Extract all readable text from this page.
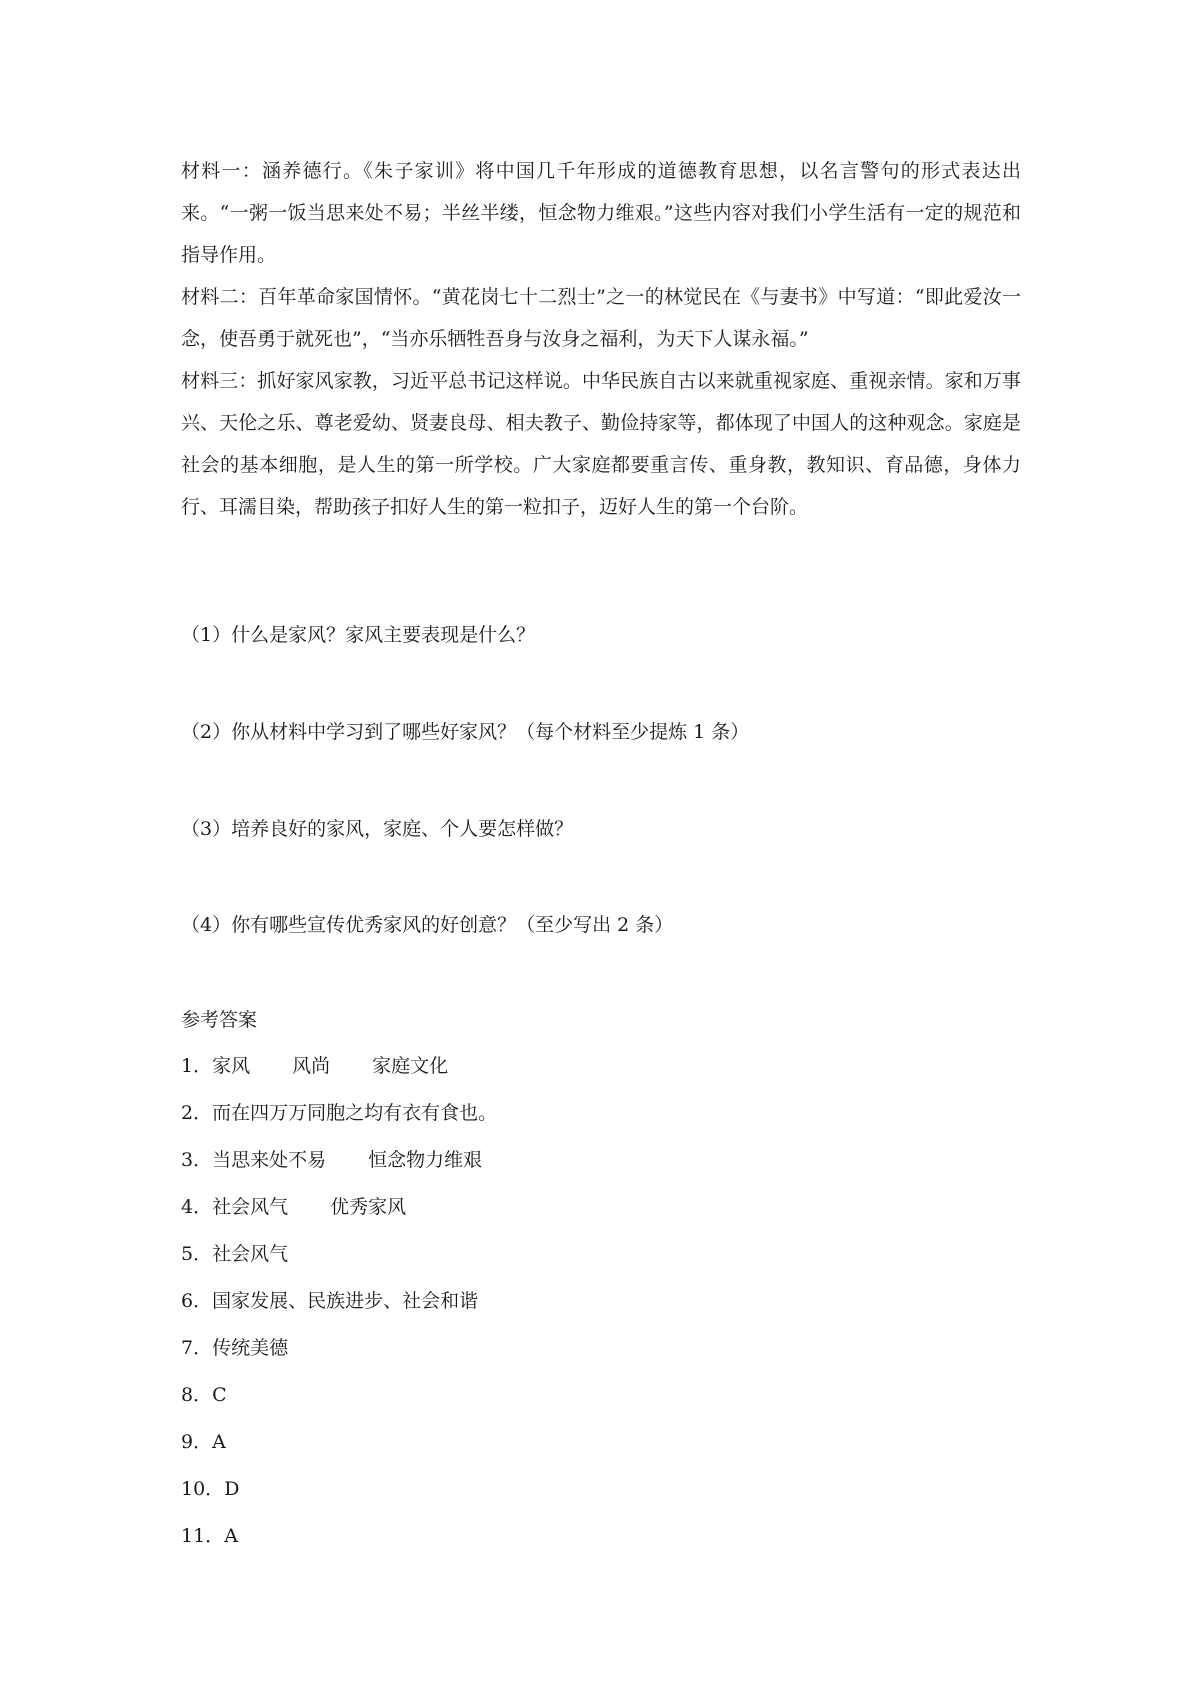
材料一：涵养德行。《朱子家训》将中国几千年形成的道德教育思想，以名言警句的形式表达出来。“一粥一饭当思来处不易；半丝半缕，恒念物力维艰。”这些内容对我们小学生活有一定的规范和指导作用。

材料二：百年革命家国情怀。“黄花岗七十二烈士”之一的林觉民在《与妻书》中写道：“即此爱汝一念，使吾勇于就死也”，“当亦乐牺牲吾身与汝身之福利，为天下人谋永福。”

材料三：抓好家风家教，习近平总书记这样说。中华民族自古以来就重视家庭、重视亲情。家和万事兴、天伦之乐、尊老爱幼、贤妻良母、相夫教子、勤俭持家等，都体现了中国人的这种观念。家庭是社会的基本细胞，是人生的第一所学校。广大家庭都要重言传、重身教，教知识、育品德，身体力行、耳濡目染，帮助孩子扣好人生的第一粒扣子，迈好人生的第一个台阶。

（1）什么是家风？家风主要表现是什么？

（2）你从材料中学习到了哪些好家风？（每个材料至少提炼 1 条）

（3）培养良好的家风，家庭、个人要怎样做？

（4）你有哪些宣传优秀家风的好创意？（至少写出 2 条）

参考答案

1．家风 风尚 家庭文化
2．而在四万万同胞之均有衣有食也。
3．当思来处不易 恒念物力维艰
4．社会风气 优秀家风
5．社会风气
6．国家发展、民族进步、社会和谐
7．传统美德
8．C
9．A
10．D
11．A
